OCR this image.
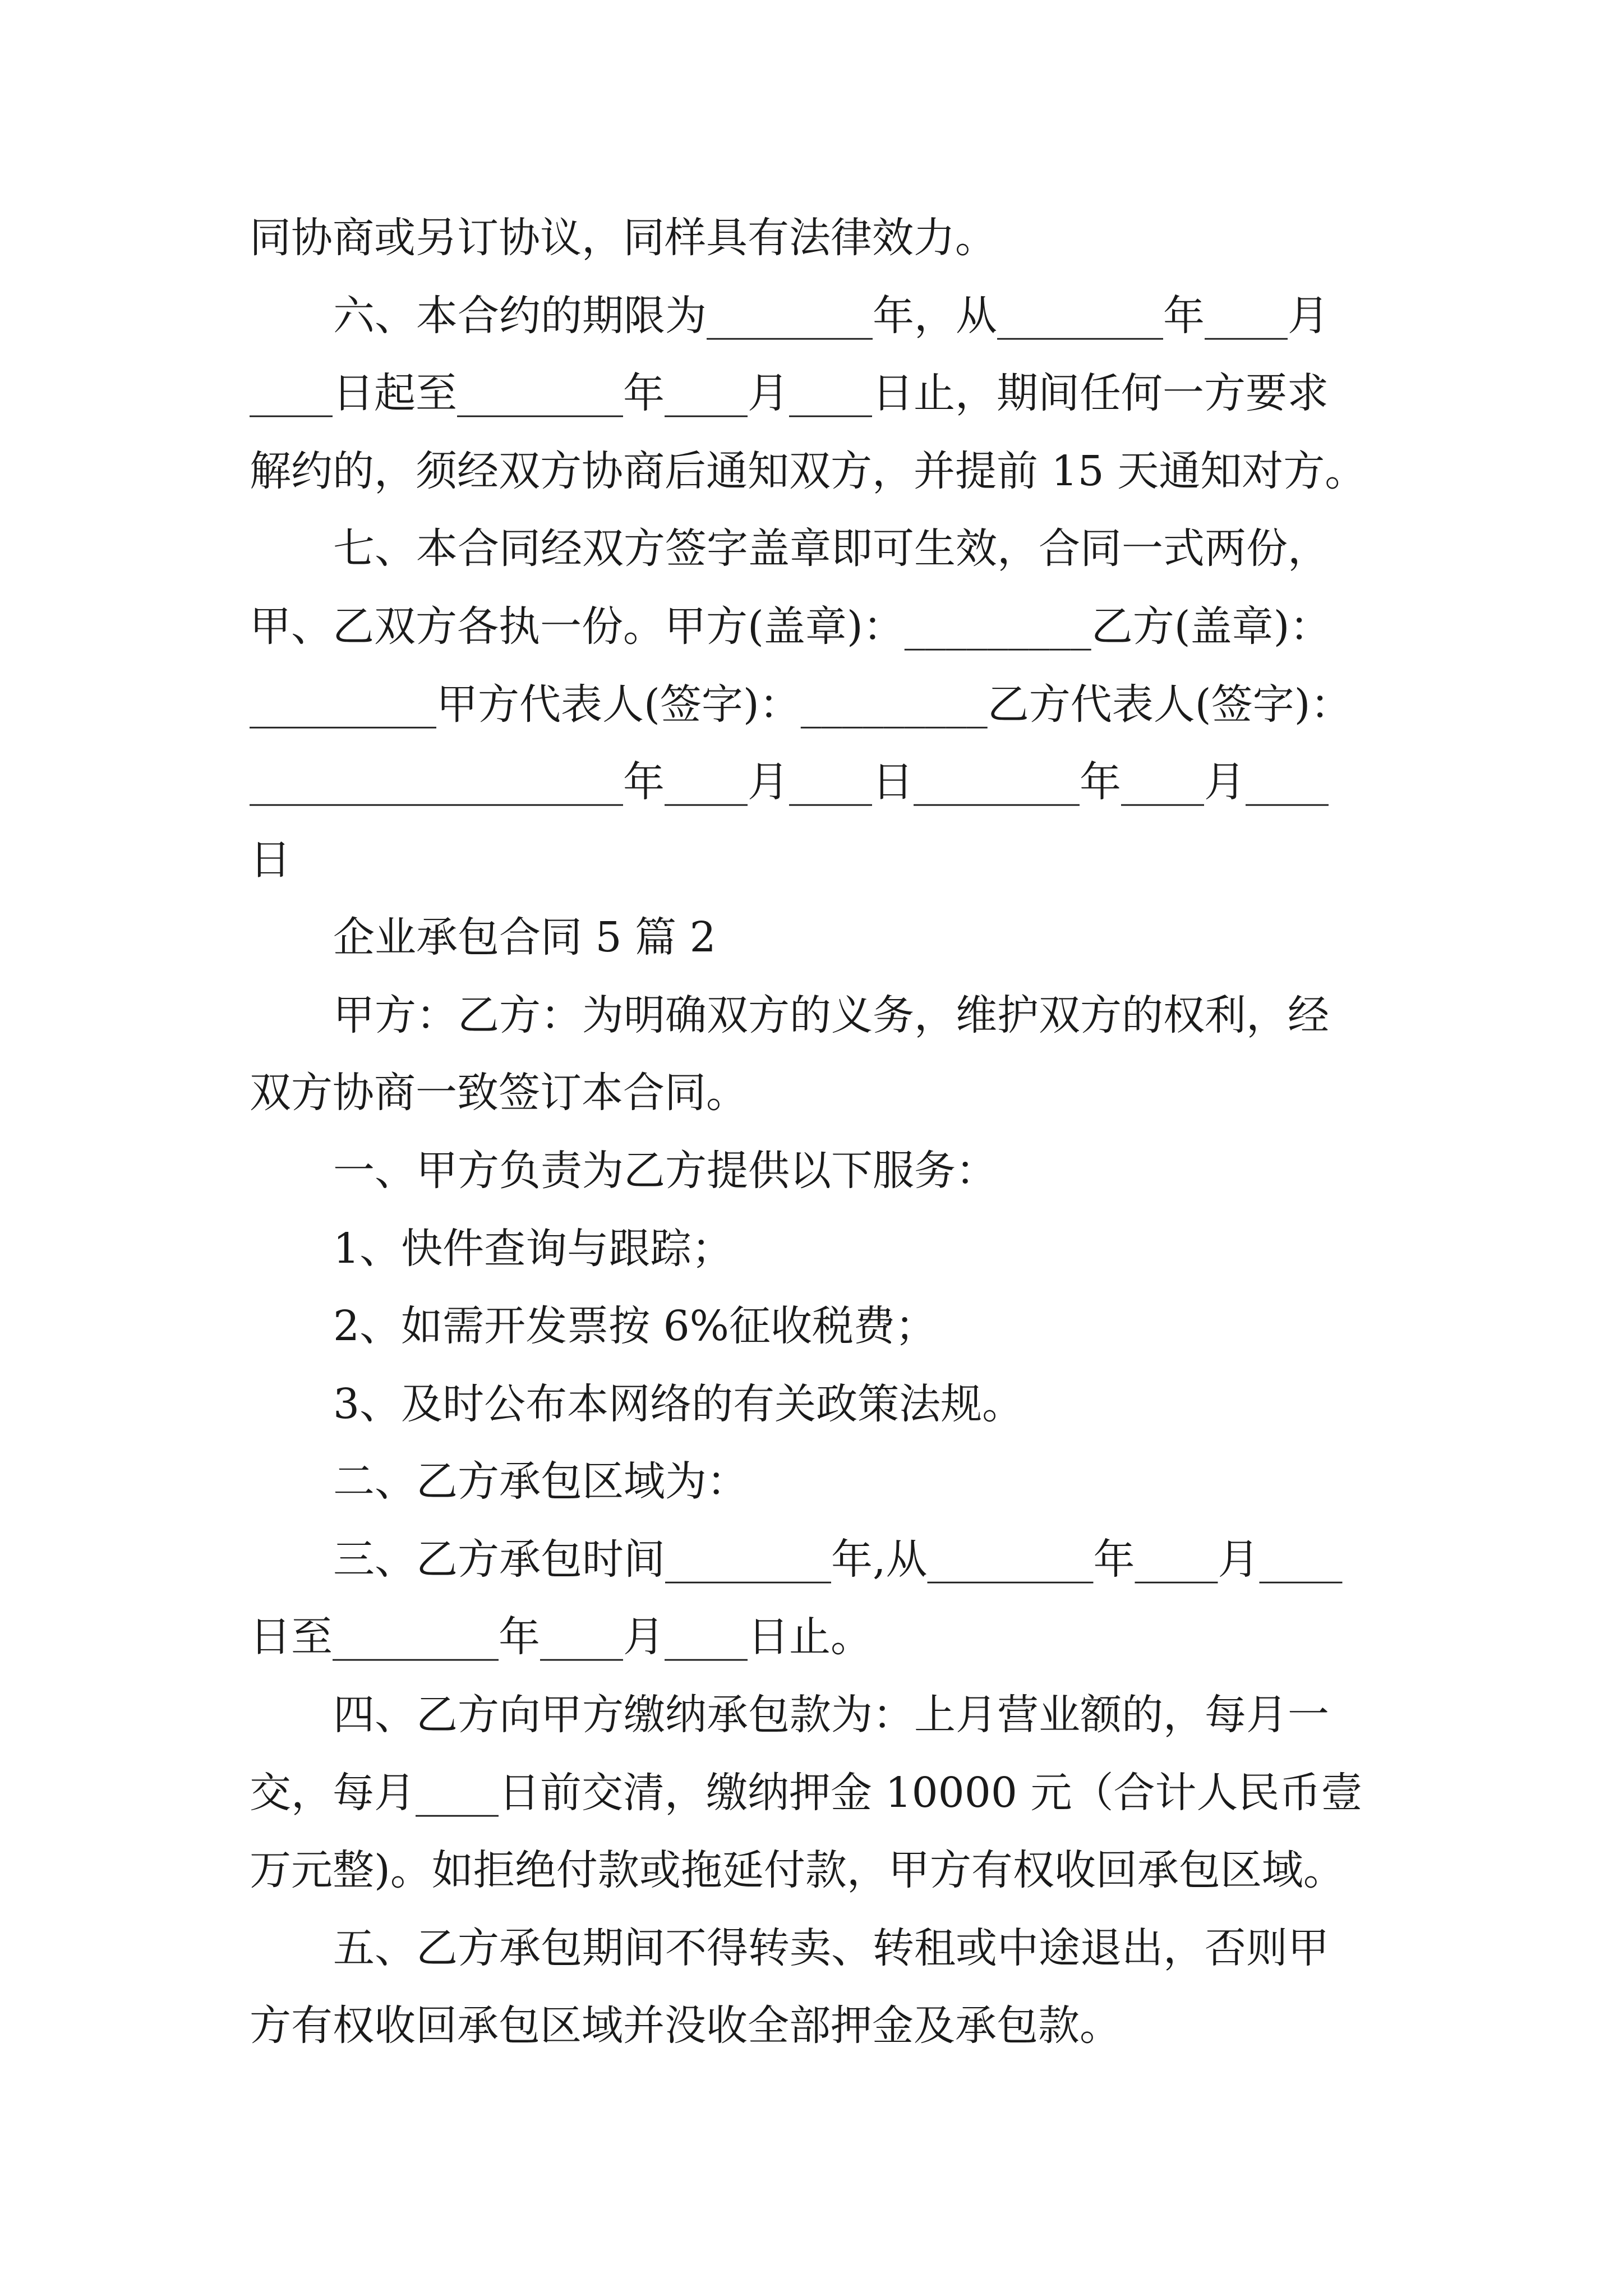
同协商或另订协议，同样具有法律效力。

六、本合约的期限为________年，从________年____月

____日起至________年____月____日止，期间任何一方要求

解约的，须经双方协商后通知双方，并提前 15 天通知对方。

七、本合同经双方签字盖章即可生效，合同一式两份，

甲、乙双方各执一份。甲方(盖章)：_________乙方(盖章)：

_________甲方代表人(签字)：_________乙方代表人(签字)：

__________________年____月____日________年____月____

日

企业承包合同 5 篇 2

甲方：乙方：为明确双方的义务，维护双方的权利，经

双方协商一致签订本合同。

一、甲方负责为乙方提供以下服务：

1、快件查询与跟踪；

2、如需开发票按 6%征收税费；

3、及时公布本网络的有关政策法规。

二、乙方承包区域为：

三、乙方承包时间________年,从________年____月____

日至________年____月____日止。

四、乙方向甲方缴纳承包款为：上月营业额的，每月一

交，每月____日前交清，缴纳押金 10000 元（合计人民币壹

万元整)。如拒绝付款或拖延付款，甲方有权收回承包区域。

五、乙方承包期间不得转卖、转租或中途退出，否则甲

方有权收回承包区域并没收全部押金及承包款。
